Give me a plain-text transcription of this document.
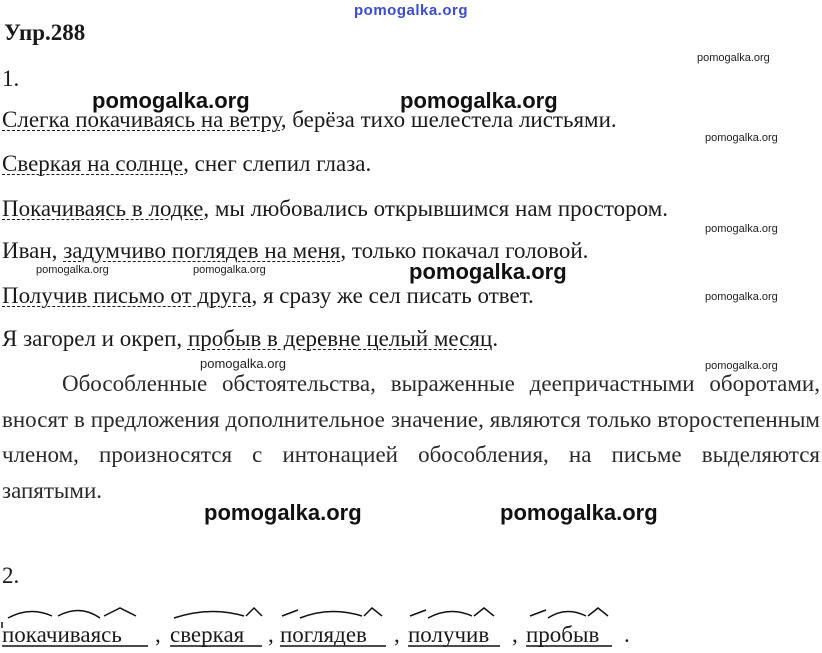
pomogalka.org
pomogalka.org
pomogalka.org	pomogalka.org
pomogalka.org
pomogalka.org
pomogalka.org	pomogalka.org	pomogalka.org
pomogalka.org
pomogalka.org	pomogalka.org
pomogalka.org	pomogalka.org
Упр.288
1.
Слегка покачиваясь на ветру, берёза тихо шелестела листьями.
Сверкая на солнце, снег слепил глаза.
Покачиваясь в лодке, мы любовались открывшимся нам простором.
Иван, задумчиво поглядев на меня, только покачал головой.
Получив письмо от друга, я сразу же сел писать ответ.
Я загорел и окреп, пробыв в деревне целый месяц.
Обособленные обстоятельства, выраженные деепричастными оборотами, вносят в предложения дополнительное значение, являются только второстепенным членом, произносятся с интонацией обособления, на письме выделяются запятыми.
2.
покачиваясь , сверкая , поглядев , получив , пробыв .
